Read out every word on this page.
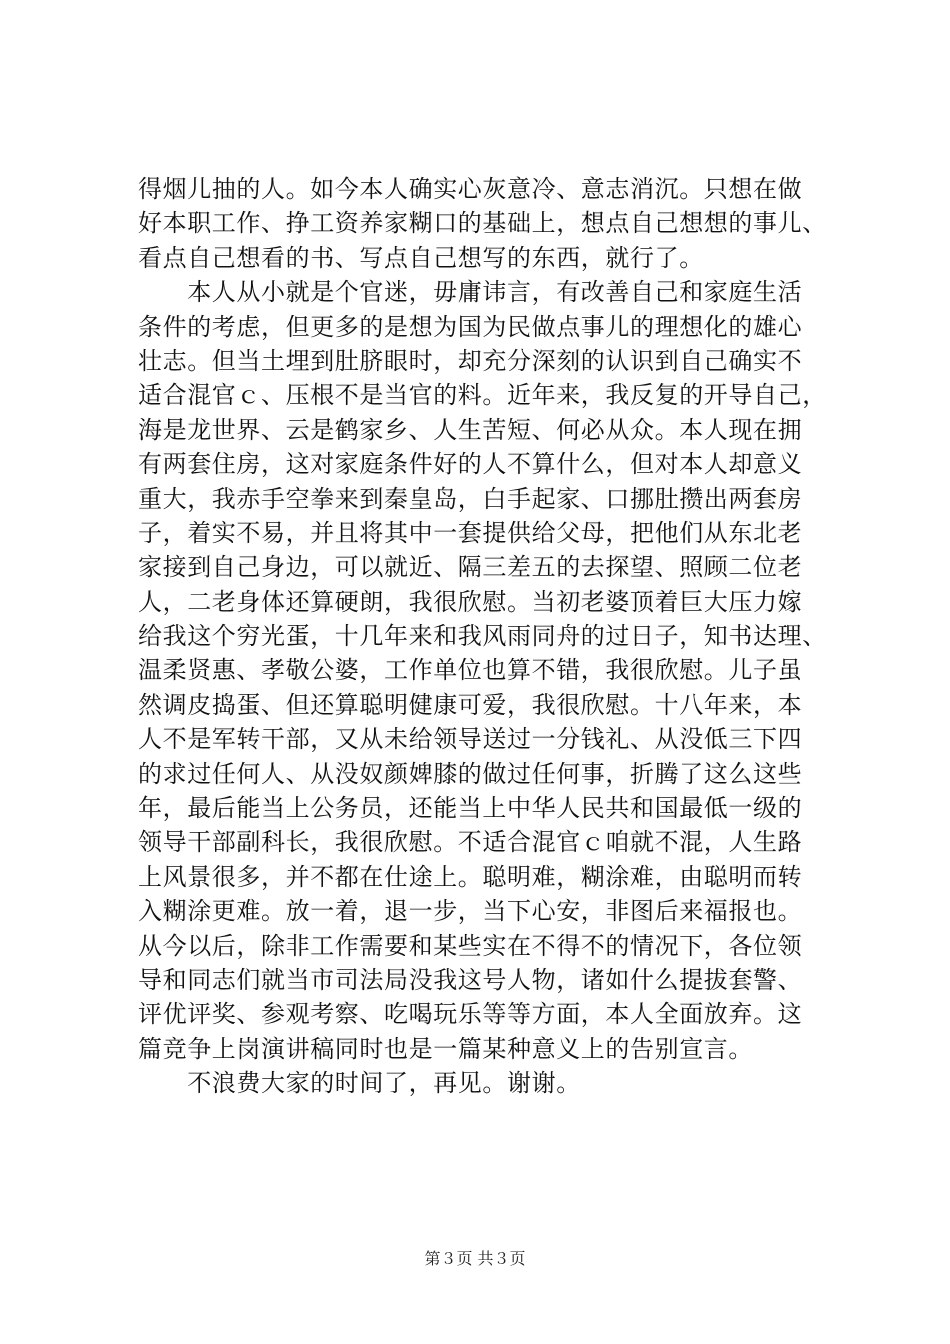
得烟儿抽的人。如今本人确实心灰意冷、意志消沉。只想在做
好本职工作、挣工资养家糊口的基础上，想点自己想想的事儿、
看点自己想看的书、写点自己想写的东西，就行了。
　　本人从小就是个官迷，毋庸讳言，有改善自己和家庭生活
条件的考虑，但更多的是想为国为民做点事儿的理想化的雄心
壮志。但当土埋到肚脐眼时，却充分深刻的认识到自己确实不
适合混官ｃ、压根不是当官的料。近年来，我反复的开导自己，
海是龙世界、云是鹤家乡、人生苦短、何必从众。本人现在拥
有两套住房，这对家庭条件好的人不算什么，但对本人却意义
重大，我赤手空拳来到秦皇岛，白手起家、口挪肚攒出两套房
子，着实不易，并且将其中一套提供给父母，把他们从东北老
家接到自己身边，可以就近、隔三差五的去探望、照顾二位老
人，二老身体还算硬朗，我很欣慰。当初老婆顶着巨大压力嫁
给我这个穷光蛋，十几年来和我风雨同舟的过日子，知书达理、
温柔贤惠、孝敬公婆，工作单位也算不错，我很欣慰。儿子虽
然调皮捣蛋、但还算聪明健康可爱，我很欣慰。十八年来，本
人不是军转干部，又从未给领导送过一分钱礼、从没低三下四
的求过任何人、从没奴颜婢膝的做过任何事，折腾了这么这些
年，最后能当上公务员，还能当上中华人民共和国最低一级的
领导干部副科长，我很欣慰。不适合混官ｃ咱就不混，人生路
上风景很多，并不都在仕途上。聪明难，糊涂难，由聪明而转
入糊涂更难。放一着，退一步，当下心安，非图后来福报也。
从今以后，除非工作需要和某些实在不得不的情况下，各位领
导和同志们就当市司法局没我这号人物，诸如什么提拔套警、
评优评奖、参观考察、吃喝玩乐等等方面，本人全面放弃。这
篇竞争上岗演讲稿同时也是一篇某种意义上的告别宣言。
　　不浪费大家的时间了，再见。谢谢。
第３页 共３页
